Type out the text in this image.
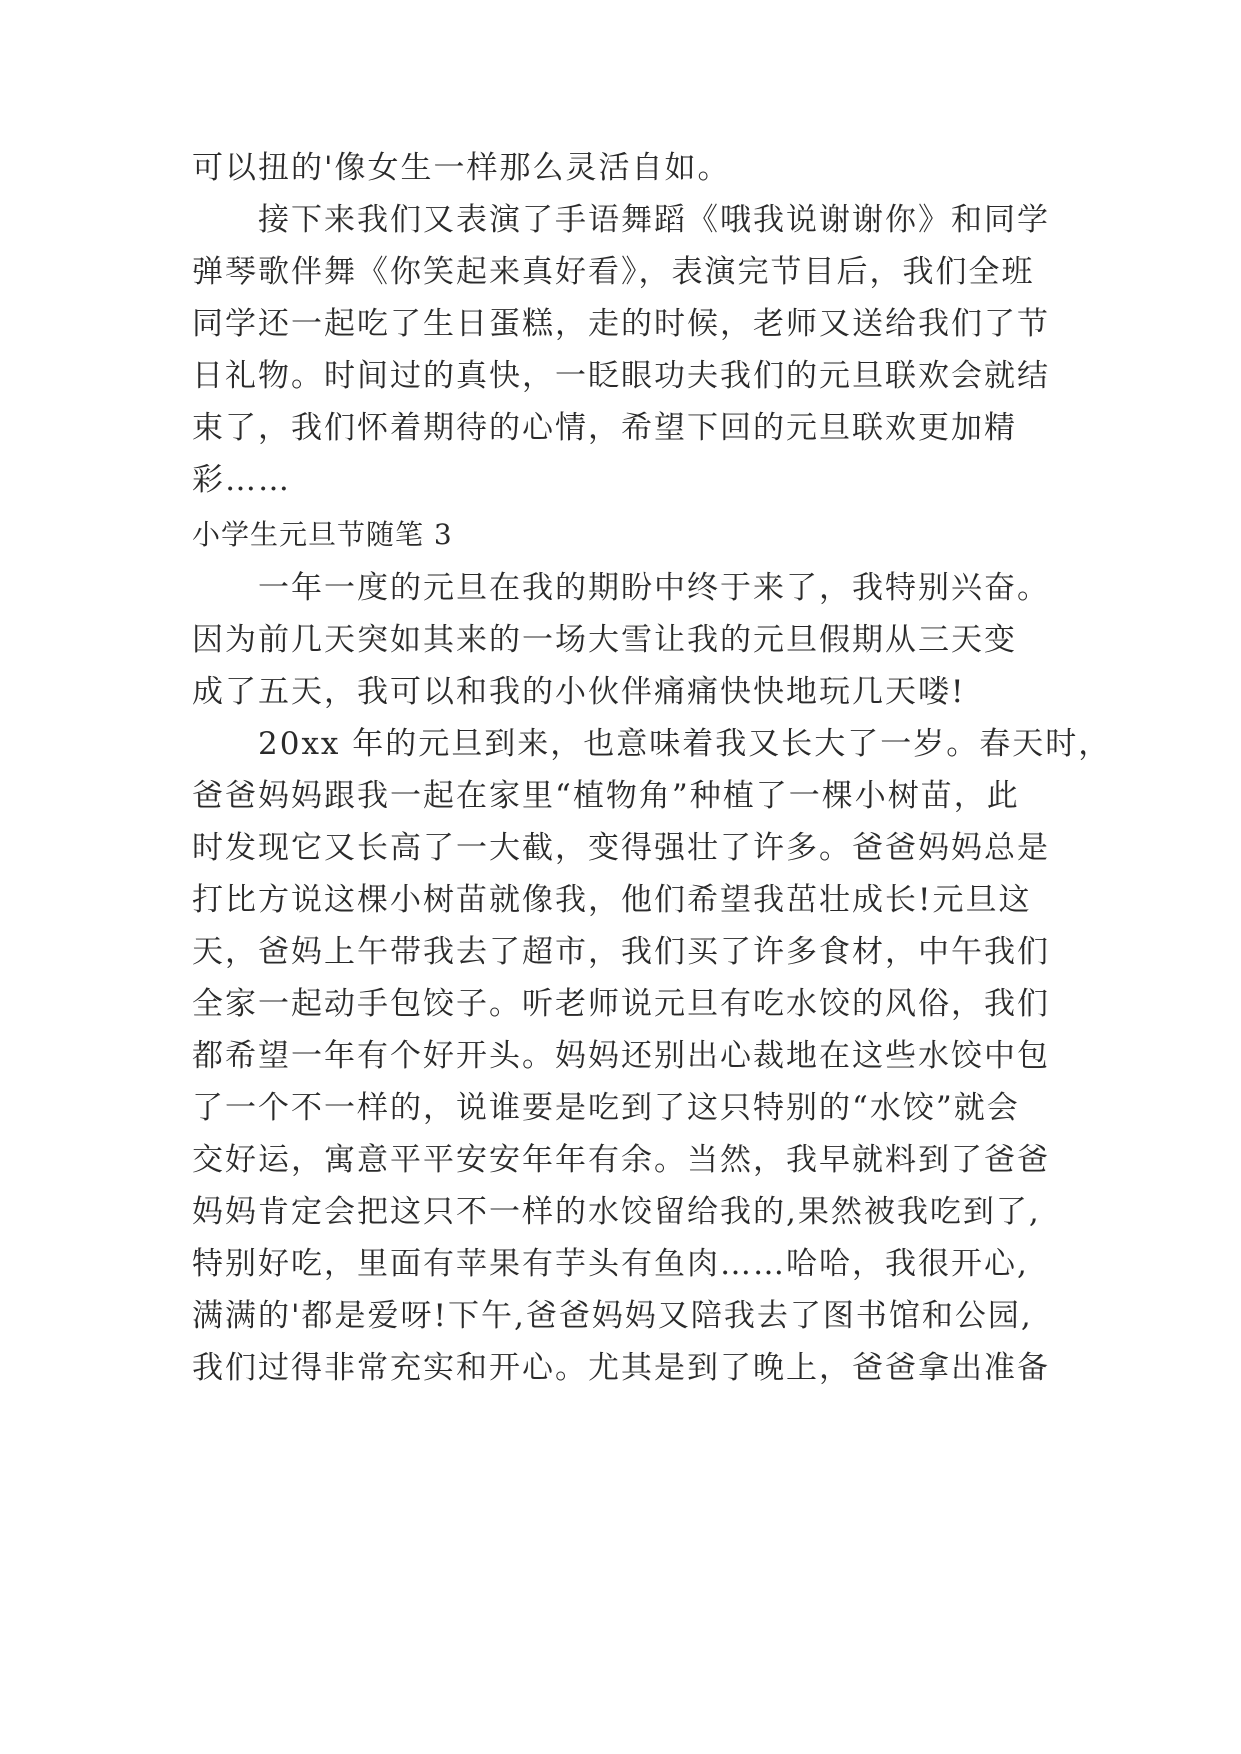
可以扭的'像女生一样那么灵活自如。
接下来我们又表演了手语舞蹈《哦我说谢谢你》和同学
弹琴歌伴舞《你笑起来真好看》，表演完节目后，我们全班
同学还一起吃了生日蛋糕，走的时候，老师又送给我们了节
日礼物。时间过的真快，一眨眼功夫我们的元旦联欢会就结
束了，我们怀着期待的心情，希望下回的元旦联欢更加精
彩……
小学生元旦节随笔 3
一年一度的元旦在我的期盼中终于来了，我特别兴奋。
因为前几天突如其来的一场大雪让我的元旦假期从三天变
成了五天，我可以和我的小伙伴痛痛快快地玩几天喽!
20xx 年的元旦到来，也意味着我又长大了一岁。春天时，
爸爸妈妈跟我一起在家里“植物角”种植了一棵小树苗，此
时发现它又长高了一大截，变得强壮了许多。爸爸妈妈总是
打比方说这棵小树苗就像我，他们希望我茁壮成长!元旦这
天，爸妈上午带我去了超市，我们买了许多食材，中午我们
全家一起动手包饺子。听老师说元旦有吃水饺的风俗，我们
都希望一年有个好开头。妈妈还别出心裁地在这些水饺中包
了一个不一样的，说谁要是吃到了这只特别的“水饺”就会
交好运，寓意平平安安年年有余。当然，我早就料到了爸爸
妈妈肯定会把这只不一样的水饺留给我的,果然被我吃到了,
特别好吃，里面有苹果有芋头有鱼肉……哈哈，我很开心,
满满的'都是爱呀!下午,爸爸妈妈又陪我去了图书馆和公园,
我们过得非常充实和开心。尤其是到了晚上，爸爸拿出准备
